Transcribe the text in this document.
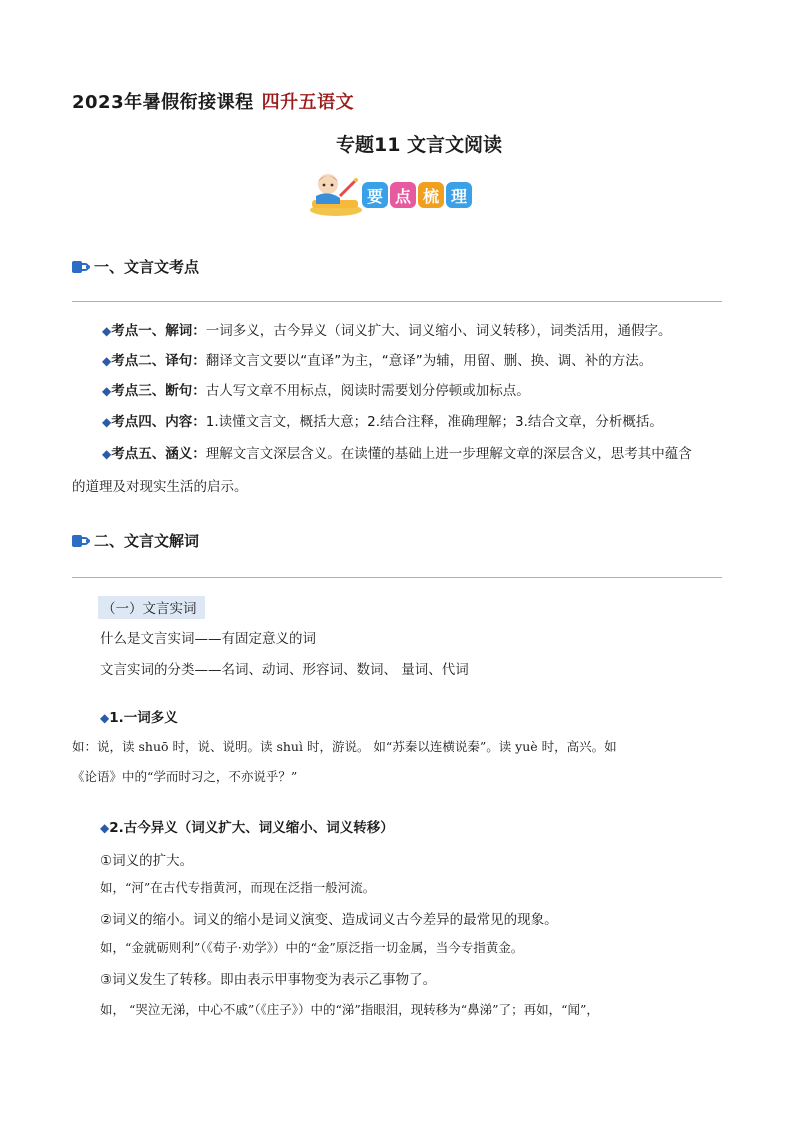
2023年暑假衔接课程 四升五语文
专题11 文言文阅读
要 点 梳 理
一、文言文考点
◆考点一、解词：一词多义，古今异义（词义扩大、词义缩小、词义转移），词类活用，通假字。
◆考点二、译句：翻译文言文要以“直译”为主，“意译”为辅，用留、删、换、调、补的方法。
◆考点三、断句：古人写文章不用标点，阅读时需要划分停顿或加标点。
◆考点四、内容：1.读懂文言文，概括大意；2.结合注释，准确理解；3.结合文章，分析概括。
◆考点五、涵义：理解文言文深层含义。在读懂的基础上进一步理解文章的深层含义，思考其中蕴含
的道理及对现实生活的启示。
二、文言文解词
（一）文言实词
什么是文言实词——有固定意义的词
文言实词的分类——名词、动词、形容词、数词、 量词、代词
◆1.一词多义
如：说，读 shuō 时，说、说明。读 shuì 时，游说。 如“苏秦以连横说秦”。读 yuè 时，高兴。如
《论语》中的“学而时习之，不亦说乎？”
◆2.古今异义（词义扩大、词义缩小、词义转移）
①词义的扩大。
如，“河”在古代专指黄河，而现在泛指一般河流。
②词义的缩小。词义的缩小是词义演变、造成词义古今差异的最常见的现象。
如，“金就砺则利”（《荀子·劝学》）中的“金”原泛指一切金属，当今专指黄金。
③词义发生了转移。即由表示甲事物变为表示乙事物了。
如， “哭泣无涕，中心不戚”（《庄子》）中的“涕”指眼泪，现转移为“鼻涕”了；再如，“闻”，
